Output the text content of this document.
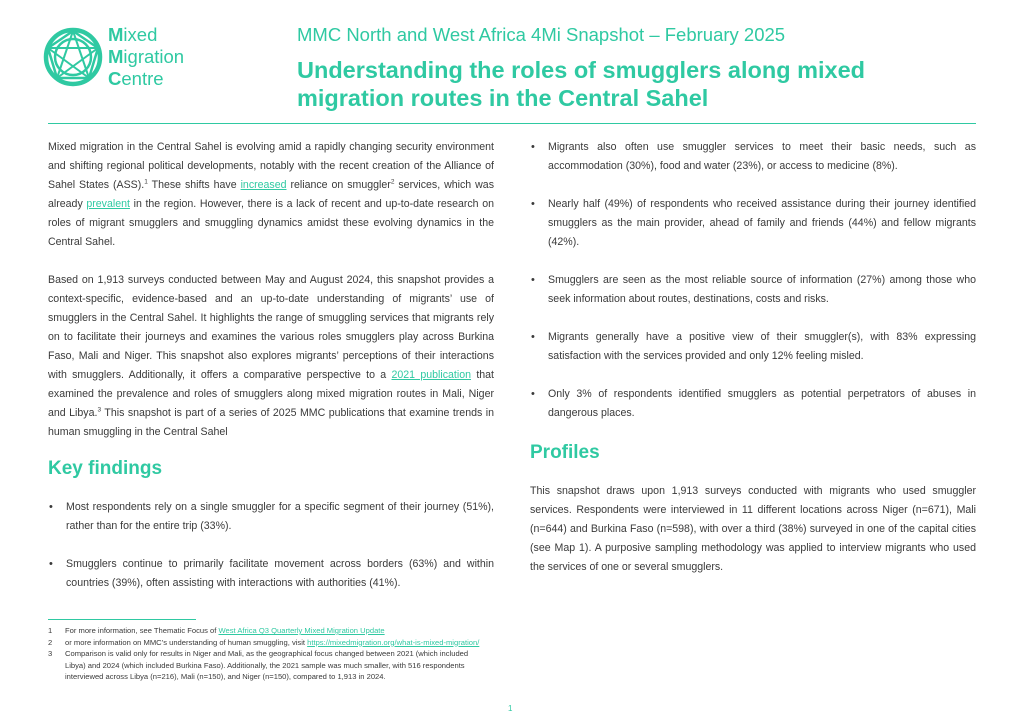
Mixed
Migration
Centre
MMC North and West Africa 4Mi Snapshot – February 2025
Understanding the roles of smugglers along mixed migration routes in the Central Sahel

Mixed migration in the Central Sahel is evolving amid a rapidly changing security environment and shifting regional political developments, notably with the recent creation of the Alliance of Sahel States (ASS).$^1$ These shifts have increased reliance on smuggler$^2$ services, which was already prevalent in the region. However, there is a lack of recent and up-to-date research on roles of migrant smugglers and smuggling dynamics amidst these evolving dynamics in the Central Sahel.

Based on 1,913 surveys conducted between May and August 2024, this snapshot provides a context-specific, evidence-based and an up-to-date understanding of migrants’ use of smugglers in the Central Sahel. It highlights the range of smuggling services that migrants rely on to facilitate their journeys and examines the various roles smugglers play across Burkina Faso, Mali and Niger. This snapshot also explores migrants’ perceptions of their interactions with smugglers. Additionally, it offers a comparative perspective to a 2021 publication that examined the prevalence and roles of smugglers along mixed migration routes in Mali, Niger and Libya.$^3$ This snapshot is part of a series of 2025 MMC publications that examine trends in human smuggling in the Central Sahel

Key findings
• Most respondents rely on a single smuggler for a specific segment of their journey (51%), rather than for the entire trip (33%).
• Smugglers continue to primarily facilitate movement across borders (63%) and within countries (39%), often assisting with interactions with authorities (41%).
• Migrants also often use smuggler services to meet their basic needs, such as accommodation (30%), food and water (23%), or access to medicine (8%).
• Nearly half (49%) of respondents who received assistance during their journey identified smugglers as the main provider, ahead of family and friends (44%) and fellow migrants (42%).
• Smugglers are seen as the most reliable source of information (27%) among those who seek information about routes, destinations, costs and risks.
• Migrants generally have a positive view of their smuggler(s), with 83% expressing satisfaction with the services provided and only 12% feeling misled.
• Only 3% of respondents identified smugglers as potential perpetrators of abuses in dangerous places.
Profiles

This snapshot draws upon 1,913 surveys conducted with migrants who used smuggler services. Respondents were interviewed in 11 different locations across Niger (n=671), Mali (n=644) and Burkina Faso (n=598), with over a third (38%) surveyed in one of the capital cities (see Map 1). A purposive sampling methodology was applied to interview migrants who used the services of one or several smugglers.

1 For more information, see Thematic Focus of West Africa Q3 Quarterly Mixed Migration Update
2 or more information on MMC’s understanding of human smuggling, visit https://mixedmigration.org/what-is-mixed-migration/
3 Comparison is valid only for results in Niger and Mali, as the geographical focus changed between 2021 (which included Libya) and 2024 (which included Burkina Faso). Additionally, the 2021 sample was much smaller, with 516 respondents interviewed across Libya (n=216), Mali (n=150), and Niger (n=150), compared to 1,913 in 2024.
1
